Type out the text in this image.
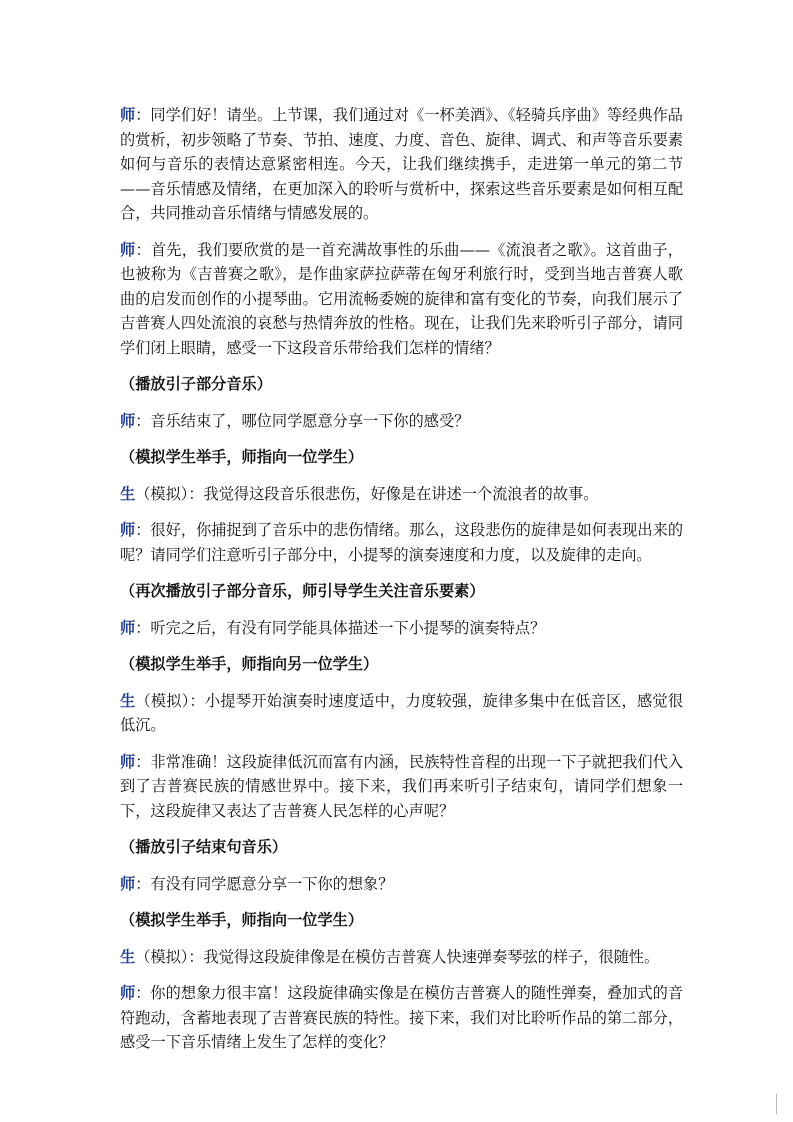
师：同学们好！请坐。上节课，我们通过对《一杯美酒》、《轻骑兵序曲》等经典作品的赏析，初步领略了节奏、节拍、速度、力度、音色、旋律、调式、和声等音乐要素如何与音乐的表情达意紧密相连。今天，让我们继续携手，走进第一单元的第二节——音乐情感及情绪，在更加深入的聆听与赏析中，探索这些音乐要素是如何相互配合，共同推动音乐情绪与情感发展的。

师：首先，我们要欣赏的是一首充满故事性的乐曲——《流浪者之歌》。这首曲子，也被称为《吉普赛之歌》，是作曲家萨拉萨蒂在匈牙利旅行时，受到当地吉普赛人歌曲的启发而创作的小提琴曲。它用流畅委婉的旋律和富有变化的节奏，向我们展示了吉普赛人四处流浪的哀愁与热情奔放的性格。现在，让我们先来聆听引子部分，请同学们闭上眼睛，感受一下这段音乐带给我们怎样的情绪？

（播放引子部分音乐）

师：音乐结束了，哪位同学愿意分享一下你的感受？

（模拟学生举手，师指向一位学生）

生（模拟）：我觉得这段音乐很悲伤，好像是在讲述一个流浪者的故事。

师：很好，你捕捉到了音乐中的悲伤情绪。那么，这段悲伤的旋律是如何表现出来的呢？请同学们注意听引子部分中，小提琴的演奏速度和力度，以及旋律的走向。

（再次播放引子部分音乐，师引导学生关注音乐要素）

师：听完之后，有没有同学能具体描述一下小提琴的演奏特点？

（模拟学生举手，师指向另一位学生）

生（模拟）：小提琴开始演奏时速度适中，力度较强，旋律多集中在低音区，感觉很低沉。

师：非常准确！这段旋律低沉而富有内涵，民族特性音程的出现一下子就把我们代入到了吉普赛民族的情感世界中。接下来，我们再来听引子结束句，请同学们想象一下，这段旋律又表达了吉普赛人民怎样的心声呢？

（播放引子结束句音乐）

师：有没有同学愿意分享一下你的想象？

（模拟学生举手，师指向一位学生）

生（模拟）：我觉得这段旋律像是在模仿吉普赛人快速弹奏琴弦的样子，很随性。

师：你的想象力很丰富！这段旋律确实像是在模仿吉普赛人的随性弹奏，叠加式的音符跑动，含蓄地表现了吉普赛民族的特性。接下来，我们对比聆听作品的第二部分，感受一下音乐情绪上发生了怎样的变化？
